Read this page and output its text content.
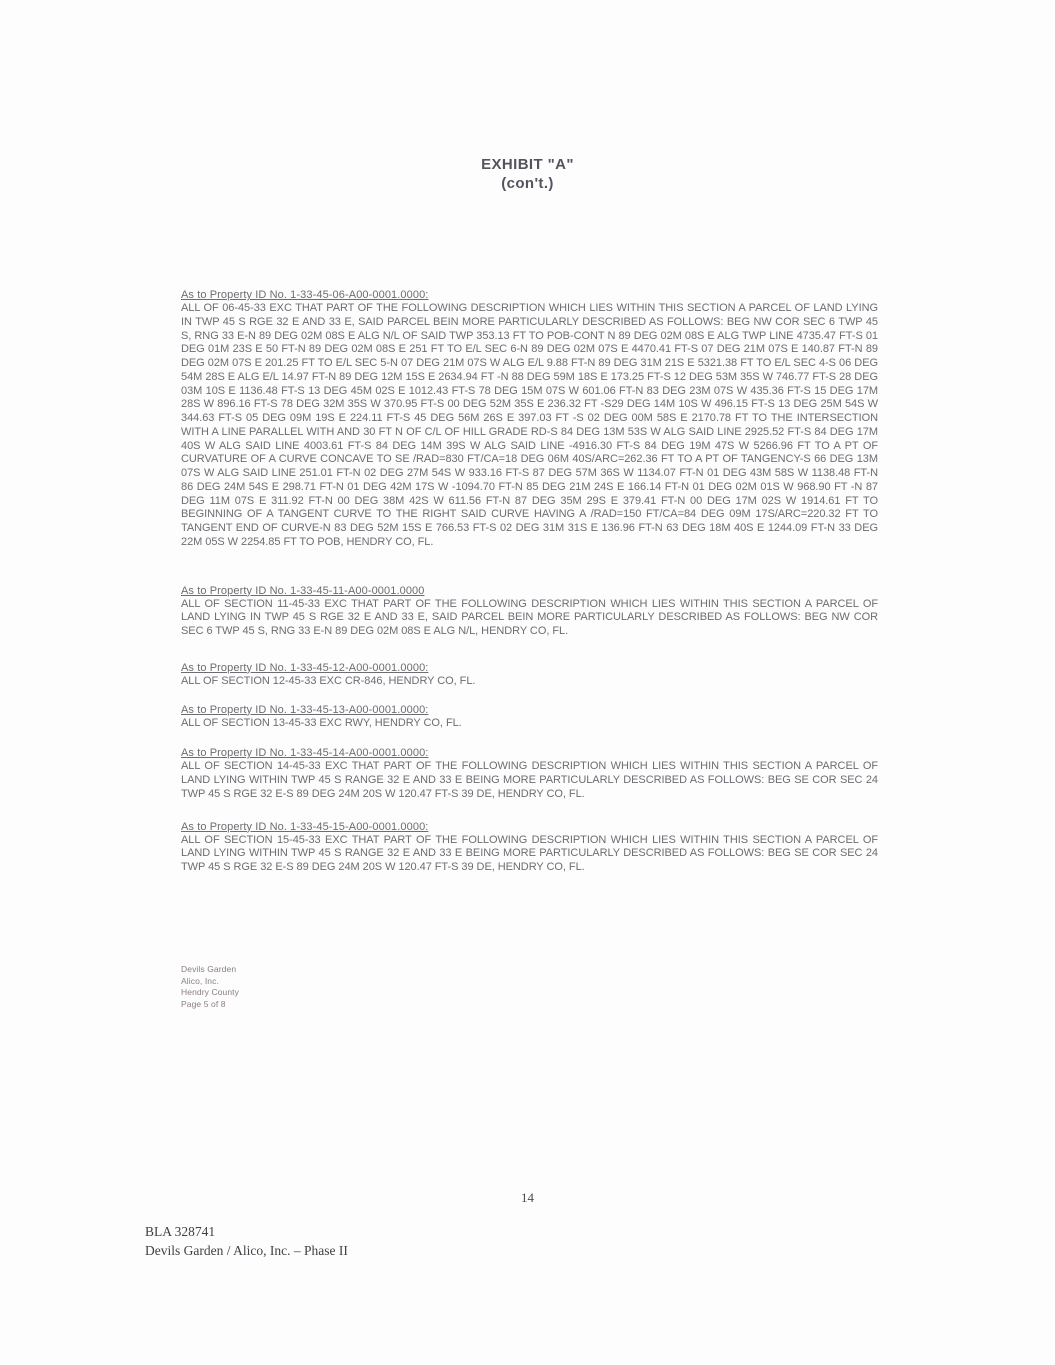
EXHIBIT "A"
(con't.)
As to Property ID No. 1-33-45-06-A00-0001.0000:
ALL OF 06-45-33 EXC THAT PART OF THE FOLLOWING DESCRIPTION WHICH LIES WITHIN THIS SECTION A PARCEL OF LAND LYING IN TWP 45 S RGE 32 E AND 33 E, SAID PARCEL BEIN MORE PARTICULARLY DESCRIBED AS FOLLOWS: BEG NW COR SEC 6 TWP 45 S, RNG 33 E-N 89 DEG 02M 08S E ALG N/L OF SAID TWP 353.13 FT TO POB-CONT N 89 DEG 02M 08S E ALG TWP LINE 4735.47 FT-S 01 DEG 01M 23S E 50 FT-N 89 DEG 02M 08S E 251 FT TO E/L SEC 6-N 89 DEG 02M 07S E 4470.41 FT-S 07 DEG 21M 07S E 140.87 FT-N 89 DEG 02M 07S E 201.25 FT TO E/L SEC 5-N 07 DEG 21M 07S W ALG E/L 9.88 FT-N 89 DEG 31M 21S E 5321.38 FT TO E/L SEC 4-S 06 DEG 54M 28S E ALG E/L 14.97 FT-N 89 DEG 12M 15S E 2634.94 FT -N 88 DEG 59M 18S E 173.25 FT-S 12 DEG 53M 35S W 746.77 FT-S 28 DEG 03M 10S E 1136.48 FT-S 13 DEG 45M 02S E 1012.43 FT-S 78 DEG 15M 07S W 601.06 FT-N 83 DEG 23M 07S W 435.36 FT-S 15 DEG 17M 28S W 896.16 FT-S 78 DEG 32M 35S W 370.95 FT-S 00 DEG 52M 35S E 236.32 FT -S29 DEG 14M 10S W 496.15 FT-S 13 DEG 25M 54S W 344.63 FT-S 05 DEG 09M 19S E 224.11 FT-S 45 DEG 56M 26S E 397.03 FT -S 02 DEG 00M 58S E 2170.78 FT TO THE INTERSECTION WITH A LINE PARALLEL WITH AND 30 FT N OF C/L OF HILL GRADE RD-S 84 DEG 13M 53S W ALG SAID LINE 2925.52 FT-S 84 DEG 17M 40S W ALG SAID LINE 4003.61 FT-S 84 DEG 14M 39S W ALG SAID LINE -4916.30 FT-S 84 DEG 19M 47S W 5266.96 FT TO A PT OF CURVATURE OF A CURVE CONCAVE TO SE /RAD=830 FT/CA=18 DEG 06M 40S/ARC=262.36 FT TO A PT OF TANGENCY-S 66 DEG 13M 07S W ALG SAID LINE 251.01 FT-N 02 DEG 27M 54S W 933.16 FT-S 87 DEG 57M 36S W 1134.07 FT-N 01 DEG 43M 58S W 1138.48 FT-N 86 DEG 24M 54S E 298.71 FT-N 01 DEG 42M 17S W -1094.70 FT-N 85 DEG 21M 24S E 166.14 FT-N 01 DEG 02M 01S W 968.90 FT -N 87 DEG 11M 07S E 311.92 FT-N 00 DEG 38M 42S W 611.56 FT-N 87 DEG 35M 29S E 379.41 FT-N 00 DEG 17M 02S W 1914.61 FT TO BEGINNING OF A TANGENT CURVE TO THE RIGHT SAID CURVE HAVING A /RAD=150 FT/CA=84 DEG 09M 17S/ARC=220.32 FT TO TANGENT END OF CURVE-N 83 DEG 52M 15S E 766.53 FT-S 02 DEG 31M 31S E 136.96 FT-N 63 DEG 18M 40S E 1244.09 FT-N 33 DEG 22M 05S W 2254.85 FT TO POB, HENDRY CO, FL.
As to Property ID No. 1-33-45-11-A00-0001.0000
ALL OF SECTION 11-45-33 EXC THAT PART OF THE FOLLOWING DESCRIPTION WHICH LIES WITHIN THIS SECTION A PARCEL OF LAND LYING IN TWP 45 S RGE 32 E AND 33 E, SAID PARCEL BEIN MORE PARTICULARLY DESCRIBED AS FOLLOWS: BEG NW COR SEC 6 TWP 45 S, RNG 33 E-N 89 DEG 02M 08S E ALG N/L, HENDRY CO, FL.
As to Property ID No. 1-33-45-12-A00-0001.0000:
ALL OF SECTION 12-45-33 EXC CR-846, HENDRY CO, FL.
As to Property ID No. 1-33-45-13-A00-0001.0000:
ALL OF SECTION 13-45-33 EXC RWY, HENDRY CO, FL.
As to Property ID No. 1-33-45-14-A00-0001.0000:
ALL OF SECTION 14-45-33 EXC THAT PART OF THE FOLLOWING DESCRIPTION WHICH LIES WITHIN THIS SECTION A PARCEL OF LAND LYING WITHIN TWP 45 S RANGE 32 E AND 33 E BEING MORE PARTICULARLY DESCRIBED AS FOLLOWS: BEG SE COR SEC 24 TWP 45 S RGE 32 E-S 89 DEG 24M 20S W 120.47 FT-S 39 DE, HENDRY CO, FL.
As to Property ID No. 1-33-45-15-A00-0001.0000:
ALL OF SECTION 15-45-33 EXC THAT PART OF THE FOLLOWING DESCRIPTION WHICH LIES WITHIN THIS SECTION A PARCEL OF LAND LYING WITHIN TWP 45 S RANGE 32 E AND 33 E BEING MORE PARTICULARLY DESCRIBED AS FOLLOWS: BEG SE COR SEC 24 TWP 45 S RGE 32 E-S 89 DEG 24M 20S W 120.47 FT-S 39 DE, HENDRY CO, FL.
Devils Garden
Alico, Inc.
Hendry County
Page 5 of 8
14
BLA 328741
Devils Garden / Alico, Inc. – Phase II
